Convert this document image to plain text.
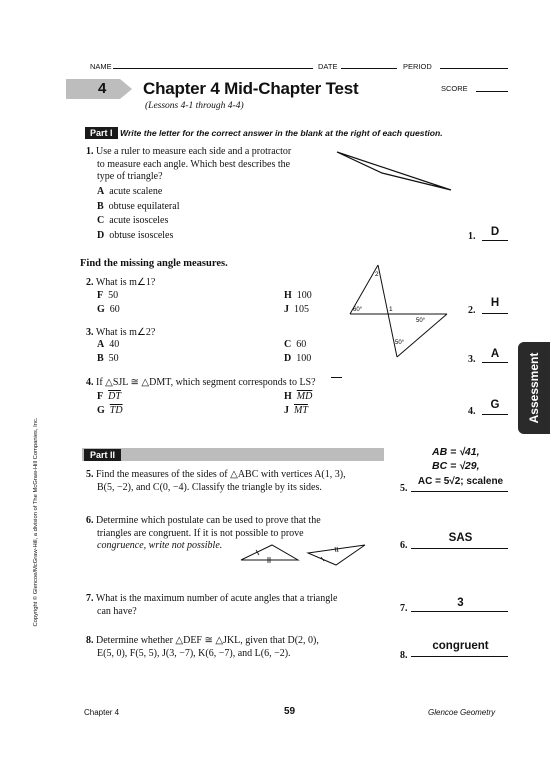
NAME	DATE	PERIOD
4 Chapter 4 Mid-Chapter Test	SCORE
(Lessons 4-1 through 4-4)
Part I Write the letter for the correct answer in the blank at the right of each question.
1. Use a ruler to measure each side and a protractor
to measure each angle. Which best describes the
type of triangle?
A acute scalene
B obtuse equilateral
C acute isosceles
D obtuse isosceles	1.	D
Find the missing angle measures.
2. What is m∠1?
F 50
G 60
H 100
J 105	2.
H
2
1
60°
50°
50°
3. What is m∠2?
A 40
B 50
C 60
D 100	3.	A
4. If △SJL ≅ △DMT, which segment corresponds to LS?
F $\overline{DT}$
G $\overline{TD}$
H $\overline{MD}$
J $\overline{MT}$	4.
G	Assessment
Copyright © Glencoe/McGraw-Hill, a division of The McGraw-Hill Companies, Inc.	Part II	AB = √41,
BC = √29,
5. Find the measures of the sides of △ABC with vertices A(1, 3),
B(5, −2), and C(0, −4). Classify the triangle by its sides.	5.
AC = 5√2; scalene
6. Determine which postulate can be used to prove that the
triangles are congruent. If it is not possible to prove
congruence, write not possible.	6.
SAS
7. What is the maximum number of acute angles that a triangle
can have?	7.	3
8. Determine whether △DEF ≅ △JKL, given that D(2, 0),
E(5, 0), F(5, 5), J(3, −7), K(6, −7), and L(6, −2).	8.
congruent
Chapter 4	59	Glencoe Geometry
